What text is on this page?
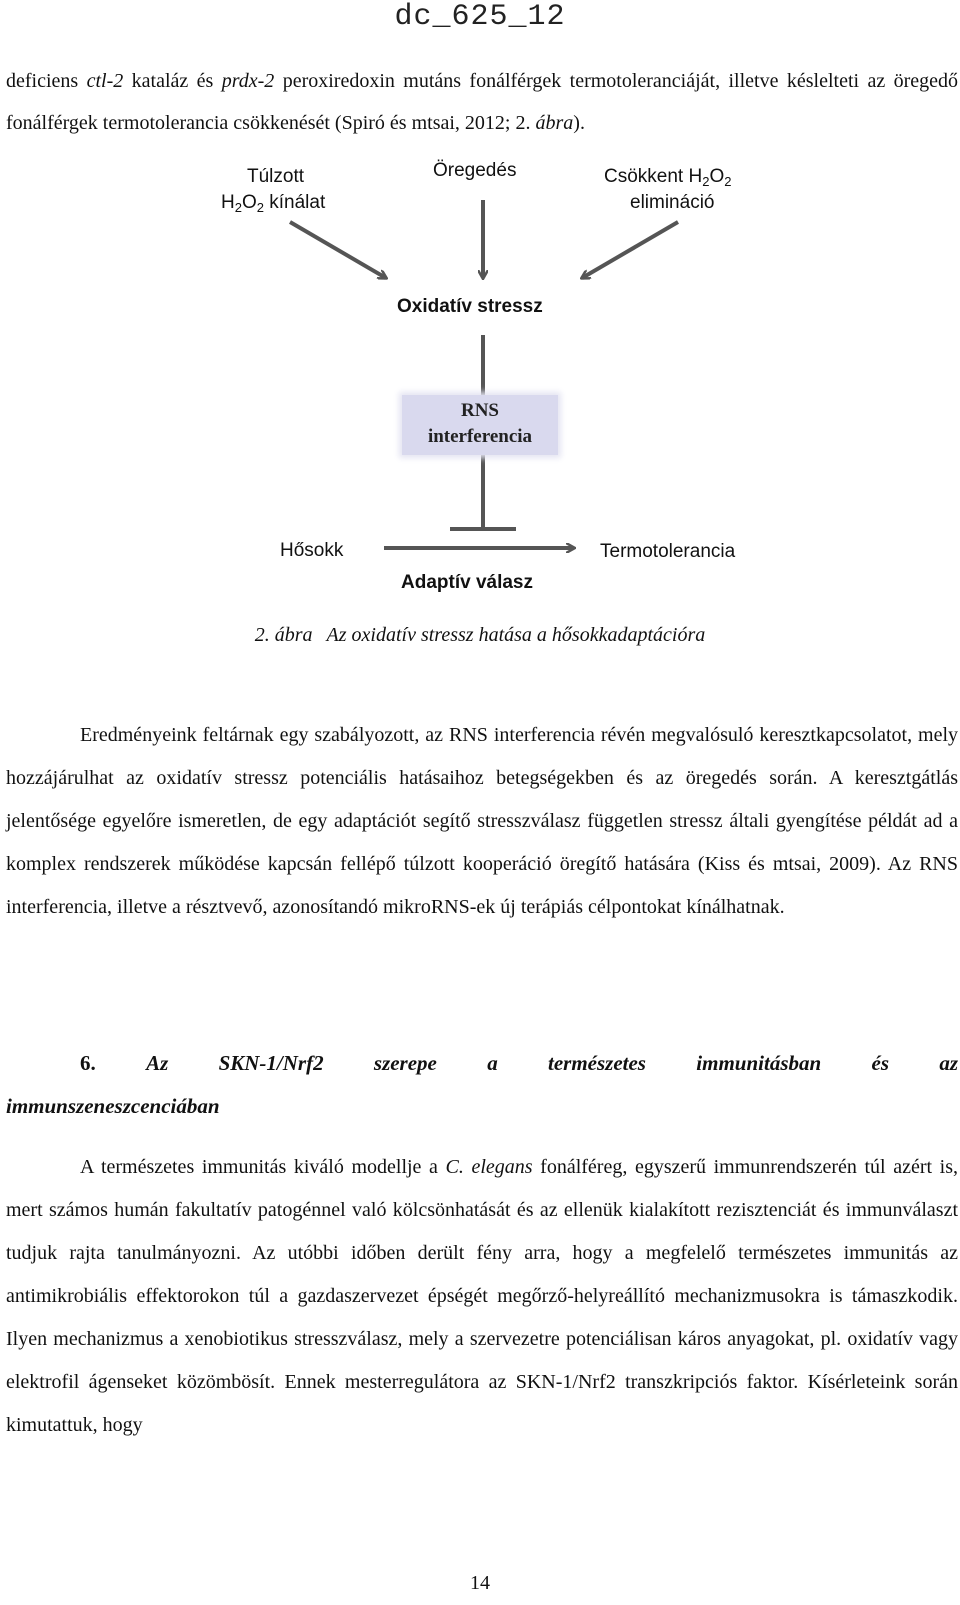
dc_625_12

deficiens ctl-2 kataláz és prdx-2 peroxiredoxin mutáns fonálférgek termotoleranciáját, illetve késlelteti az öregedő fonálférgek termotolerancia csökkenését (Spiró és mtsai, 2012; 2. ábra).

Túlzott
$H_2O_2$ kínálat
Öregedés	Csökkent $H_2O_2$
elimináció
Oxidatív stressz
RNS
interferencia
Hősokk	Termotolerancia
Adaptív válasz
2. ábra Az oxidatív stressz hatása a hősokkadaptációra

Eredményeink feltárnak egy szabályozott, az RNS interferencia révén megvalósuló keresztkapcsolatot, mely hozzájárulhat az oxidatív stressz potenciális hatásaihoz betegségekben és az öregedés során. A keresztgátlás jelentősége egyelőre ismeretlen, de egy adaptációt segítő stresszválasz független stressz általi gyengítése példát ad a komplex rendszerek működése kapcsán fellépő túlzott kooperáció öregítő hatására (Kiss és mtsai, 2009). Az RNS interferencia, illetve a résztvevő, azonosítandó mikroRNS-ek új terápiás célpontokat kínálhatnak.

6. Az SKN-1/Nrf2 szerepe a természetes immunitásban és az
immunszeneszcenciában

A természetes immunitás kiváló modellje a C. elegans fonálféreg, egyszerű immunrendszerén túl azért is, mert számos humán fakultatív patogénnel való kölcsönhatását és az ellenük kialakított rezisztenciát és immunválaszt tudjuk rajta tanulmányozni. Az utóbbi időben derült fény arra, hogy a megfelelő természetes immunitás az antimikrobiális effektorokon túl a gazdaszervezet épségét megőrző-helyreállító mechanizmusokra is támaszkodik. Ilyen mechanizmus a xenobiotikus stresszválasz, mely a szervezetre potenciálisan káros anyagokat, pl. oxidatív vagy elektrofil ágenseket közömbösít. Ennek mesterregulátora az SKN-1/Nrf2 transzkripciós faktor. Kísérleteink során kimutattuk, hogy

14
